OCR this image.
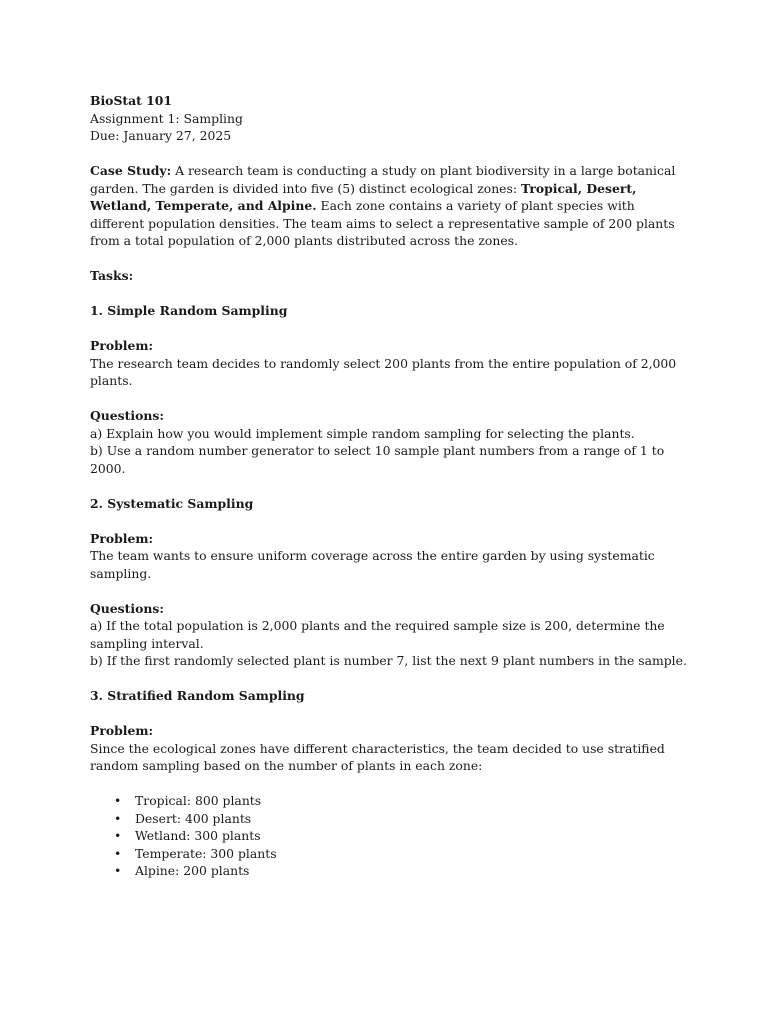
BioStat 101
Assignment 1: Sampling
Due: January 27, 2025
Case Study: A research team is conducting a study on plant biodiversity in a large botanical garden. The garden is divided into five (5) distinct ecological zones: Tropical, Desert, Wetland, Temperate, and Alpine. Each zone contains a variety of plant species with different population densities. The team aims to select a representative sample of 200 plants from a total population of 2,000 plants distributed across the zones.
Tasks:
1. Simple Random Sampling
Problem:
The research team decides to randomly select 200 plants from the entire population of 2,000 plants.
Questions:
a) Explain how you would implement simple random sampling for selecting the plants.
b) Use a random number generator to select 10 sample plant numbers from a range of 1 to 2000.
2. Systematic Sampling
Problem:
The team wants to ensure uniform coverage across the entire garden by using systematic sampling.
Questions:
a) If the total population is 2,000 plants and the required sample size is 200, determine the sampling interval.
b) If the first randomly selected plant is number 7, list the next 9 plant numbers in the sample.
3. Stratified Random Sampling
Problem:
Since the ecological zones have different characteristics, the team decided to use stratified random sampling based on the number of plants in each zone:
• Tropical: 800 plants
• Desert: 400 plants
• Wetland: 300 plants
• Temperate: 300 plants
• Alpine: 200 plants
